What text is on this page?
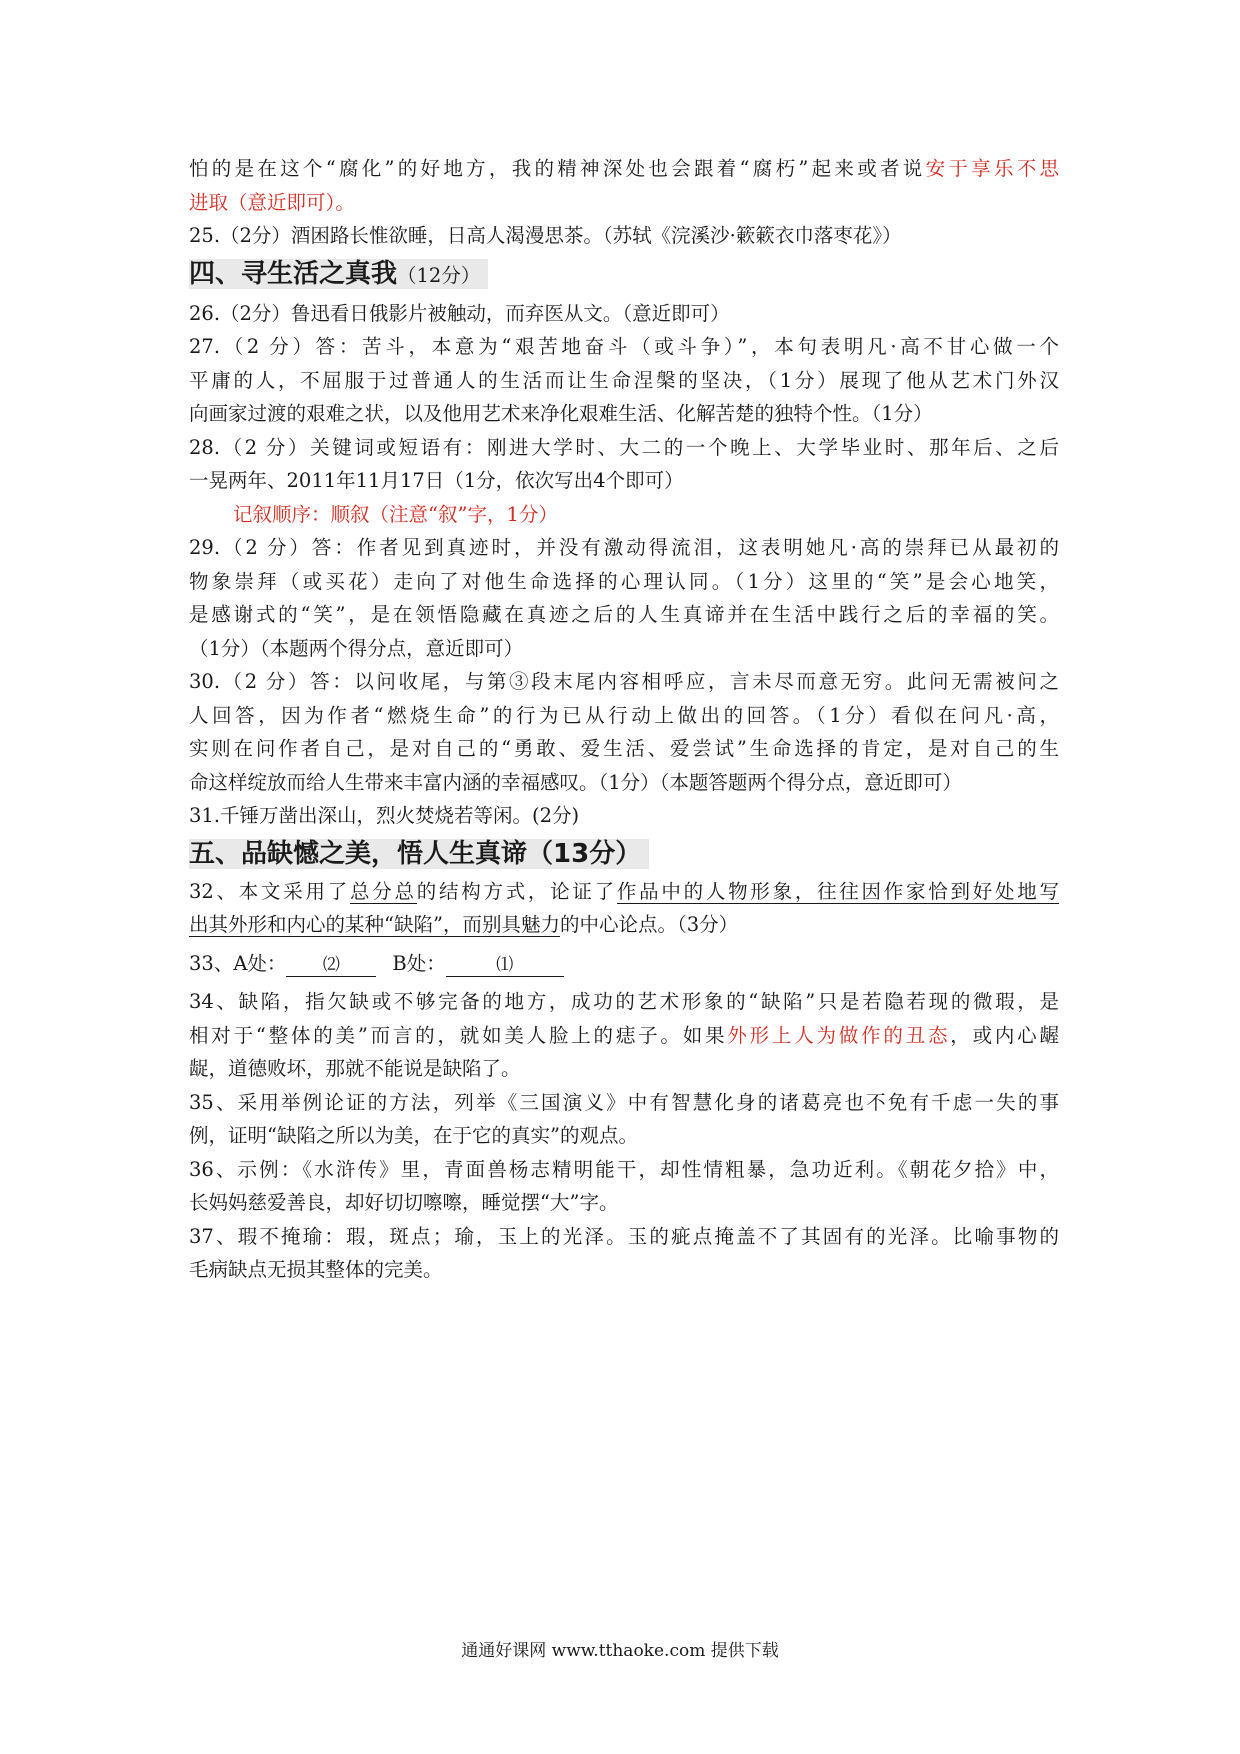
怕的是在这个“腐化”的好地方，我的精神深处也会跟着“腐朽”起来或者说安于享乐不思
进取（意近即可）。
25.（2分）酒困路长惟欲睡，日高人渴漫思茶。（苏轼《浣溪沙·簌簌衣巾落枣花》）
四、寻生活之真我（12分）
26.（2分）鲁迅看日俄影片被触动，而弃医从文。（意近即可）
27.（2 分）答：苦斗，本意为“艰苦地奋斗（或斗争）”，本句表明凡·高不甘心做一个
平庸的人，不屈服于过普通人的生活而让生命涅槃的坚决，（1分）展现了他从艺术门外汉
向画家过渡的艰难之状，以及他用艺术来净化艰难生活、化解苦楚的独特个性。（1分）
28.（2 分）关键词或短语有：刚进大学时、大二的一个晚上、大学毕业时、那年后、之后
一晃两年、2011年11月17日（1分，依次写出4个即可）
记叙顺序：顺叙（注意“叙”字，1分）
29.（2 分）答：作者见到真迹时，并没有激动得流泪，这表明她凡·高的崇拜已从最初的
物象崇拜（或买花）走向了对他生命选择的心理认同。（1分）这里的“笑”是会心地笑，
是感谢式的“笑”，是在领悟隐藏在真迹之后的人生真谛并在生活中践行之后的幸福的笑。
（1分）（本题两个得分点，意近即可）
30.（2 分）答：以问收尾，与第③段末尾内容相呼应，言未尽而意无穷。此问无需被问之
人回答，因为作者“燃烧生命”的行为已从行动上做出的回答。（1分）看似在问凡·高，
实则在问作者自己，是对自己的“勇敢、爱生活、爱尝试”生命选择的肯定，是对自己的生
命这样绽放而给人生带来丰富内涵的幸福感叹。（1分）（本题答题两个得分点，意近即可）
31.千锤万凿出深山，烈火焚烧若等闲。(2分)
五、品缺憾之美，悟人生真谛（13分）
32、本文采用了总分总的结构方式，论证了作品中的人物形象，往往因作家恰到好处地写
出其外形和内心的某种“缺陷”，而别具魅力的中心论点。（3分）
33、A处： ⑵	B处：	⑴
34、缺陷，指欠缺或不够完备的地方，成功的艺术形象的“缺陷”只是若隐若现的微瑕，是
相对于“整体的美”而言的，就如美人脸上的痣子。如果外形上人为做作的丑态，或内心龌
龊，道德败坏，那就不能说是缺陷了。
35、采用举例论证的方法，列举《三国演义》中有智慧化身的诸葛亮也不免有千虑一失的事
例，证明“缺陷之所以为美，在于它的真实”的观点。
36、示例：《水浒传》里，青面兽杨志精明能干，却性情粗暴，急功近利。《朝花夕拾》中，
长妈妈慈爱善良，却好切切嚓嚓，睡觉摆“大”字。
37、瑕不掩瑜：瑕，斑点；瑜，玉上的光泽。玉的疵点掩盖不了其固有的光泽。比喻事物的
毛病缺点无损其整体的完美。
通通好课网 www.tthaoke.com 提供下载
